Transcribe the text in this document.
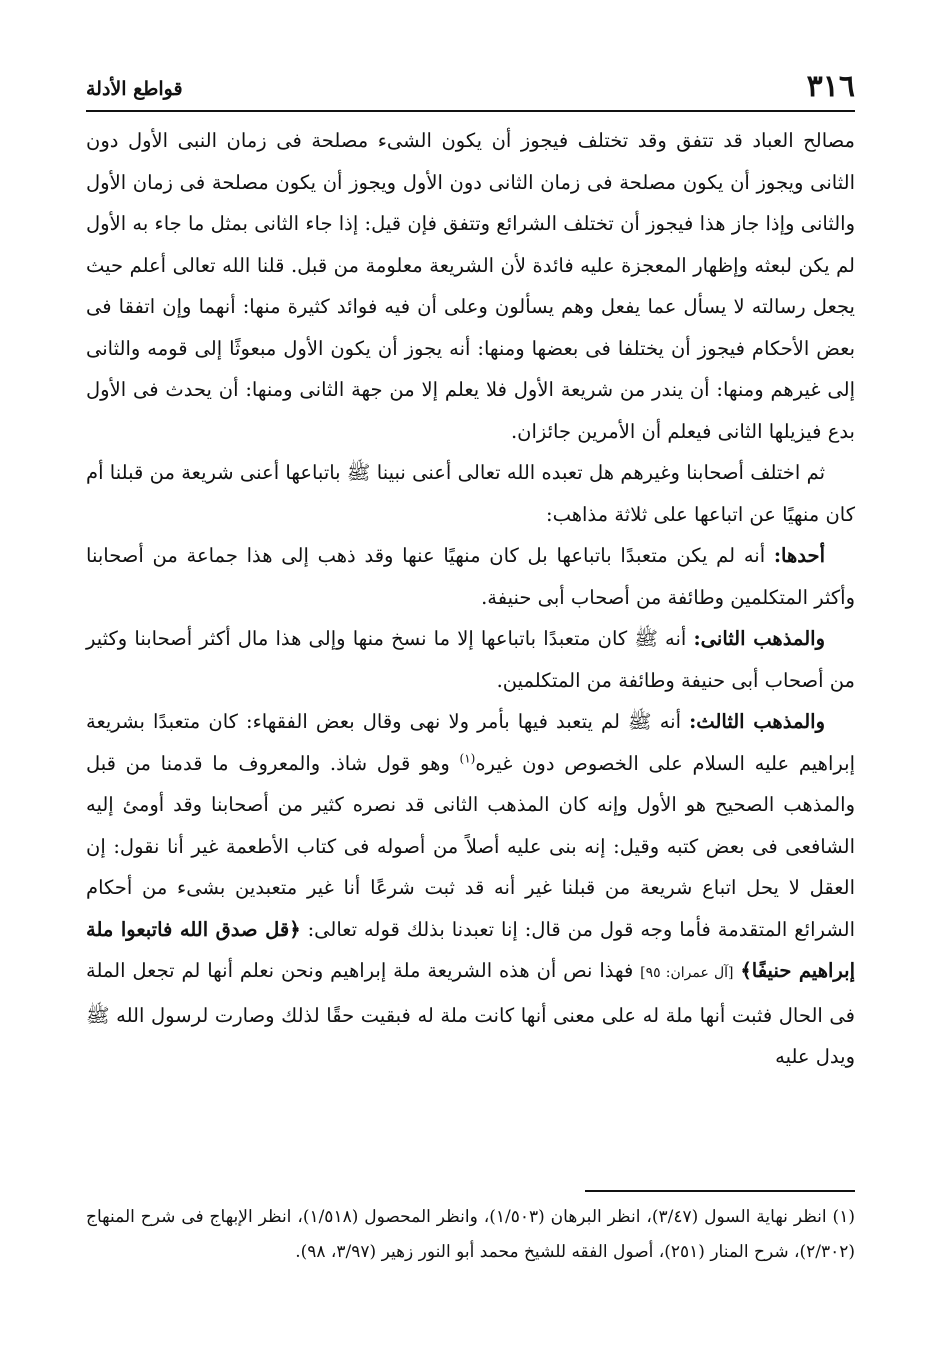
٣١٦
قواطع الأدلة

مصالح العباد قد تتفق وقد تختلف فيجوز أن يكون الشىء مصلحة فى زمان النبى الأول دون الثانى ويجوز أن يكون مصلحة فى زمان الثانى دون الأول ويجوز أن يكون مصلحة فى زمان الأول والثانى وإذا جاز هذا فيجوز أن تختلف الشرائع وتتفق فإن قيل: إذا جاء الثانى بمثل ما جاء به الأول لم يكن لبعثه وإظهار المعجزة عليه فائدة لأن الشريعة معلومة من قبل. قلنا الله تعالى أعلم حيث يجعل رسالته لا يسأل عما يفعل وهم يسألون وعلى أن فيه فوائد كثيرة منها: أنهما وإن اتفقا فى بعض الأحكام فيجوز أن يختلفا فى بعضها ومنها: أنه يجوز أن يكون الأول مبعوثًا إلى قومه والثانى إلى غيرهم ومنها: أن يندر من شريعة الأول فلا يعلم إلا من جهة الثانى ومنها: أن يحدث فى الأول بدع فيزيلها الثانى فيعلم أن الأمرين جائزان.

ثم اختلف أصحابنا وغيرهم هل تعبده الله تعالى أعنى نبينا ﷺ باتباعها أعنى شريعة من قبلنا أم كان منهيًا عن اتباعها على ثلاثة مذاهب:

أحدها: أنه لم يكن متعبدًا باتباعها بل كان منهيًا عنها وقد ذهب إلى هذا جماعة من أصحابنا وأكثر المتكلمين وطائفة من أصحاب أبى حنيفة.

والمذهب الثانى: أنه ﷺ كان متعبدًا باتباعها إلا ما نسخ منها وإلى هذا مال أكثر أصحابنا وكثير من أصحاب أبى حنيفة وطائفة من المتكلمين.

والمذهب الثالث: أنه ﷺ لم يتعبد فيها بأمر ولا نهى وقال بعض الفقهاء: كان متعبدًا بشريعة إبراهيم عليه السلام على الخصوص دون غيره$^{(١)}$ وهو قول شاذ. والمعروف ما قدمنا من قبل والمذهب الصحيح هو الأول وإنه كان المذهب الثانى قد نصره كثير من أصحابنا وقد أومئ إليه الشافعى فى بعض كتبه وقيل: إنه بنى عليه أصلاً من أصوله فى كتاب الأطعمة غير أنا نقول: إن العقل لا يحل اتباع شريعة من قبلنا غير أنه قد ثبت شرعًا أنا غير متعبدين بشىء من أحكام الشرائع المتقدمة فأما وجه قول من قال: إنا تعبدنا بذلك قوله تعالى: ﴿قل صدق الله فاتبعوا ملة إبراهيم حنيفًا﴾ [آل عمران: ٩٥] فهذا نص أن هذه الشريعة ملة إبراهيم ونحن نعلم أنها لم تجعل الملة فى الحال فثبت أنها ملة له على معنى أنها كانت ملة له فبقيت حقًا لذلك وصارت لرسول الله ﷺ ويدل عليه

(١) انظر نهاية السول (٣/٤٧)، انظر البرهان (١/٥٠٣)، وانظر المحصول (١/٥١٨)، انظر الإبهاج فى شرح المنهاج (٢/٣٠٢)، شرح المنار (٢٥١)، أصول الفقه للشيخ محمد أبو النور زهير (٣/٩٧، ٩٨).
